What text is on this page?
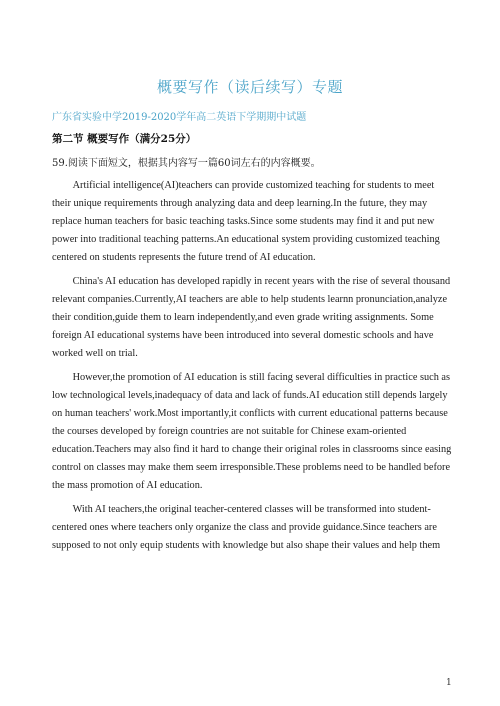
概要写作（读后续写）专题
广东省实验中学2019-2020学年高二英语下学期期中试题
第二节 概要写作（满分25分）
59.阅读下面短文，根据其内容写一篇60词左右的内容概要。

Artificial intelligence(AI)teachers can provide customized teaching for students to meet their unique requirements through analyzing data and deep learning.In the future, they may replace human teachers for basic teaching tasks.Since some students may find it and put new power into traditional teaching patterns.An educational system providing customized teaching centered on students represents the future trend of AI education.

China's AI education has developed rapidly in recent years with the rise of several thousand relevant companies.Currently,AI teachers are able to help students learnn pronunciation,analyze their condition,guide them to learn independently,and even grade writing assignments. Some foreign AI educational systems have been introduced into several domestic schools and have worked well on trial.

However,the promotion of AI education is still facing several difficulties in practice such as low technological levels,inadequacy of data and lack of funds.AI education still depends largely on human teachers' work.Most importantly,it conflicts with current educational patterns because the courses developed by foreign countries are not suitable for Chinese exam-oriented education.Teachers may also find it hard to change their original roles in classrooms since easing control on classes may make them seem irresponsible.These problems need to be handled before the mass promotion of AI education.

With AI teachers,the original teacher-centered classes will be transformed into student-centered ones where teachers only organize the class and provide guidance.Since teachers are supposed to not only equip students with knowledge but also shape their values and help them

1
